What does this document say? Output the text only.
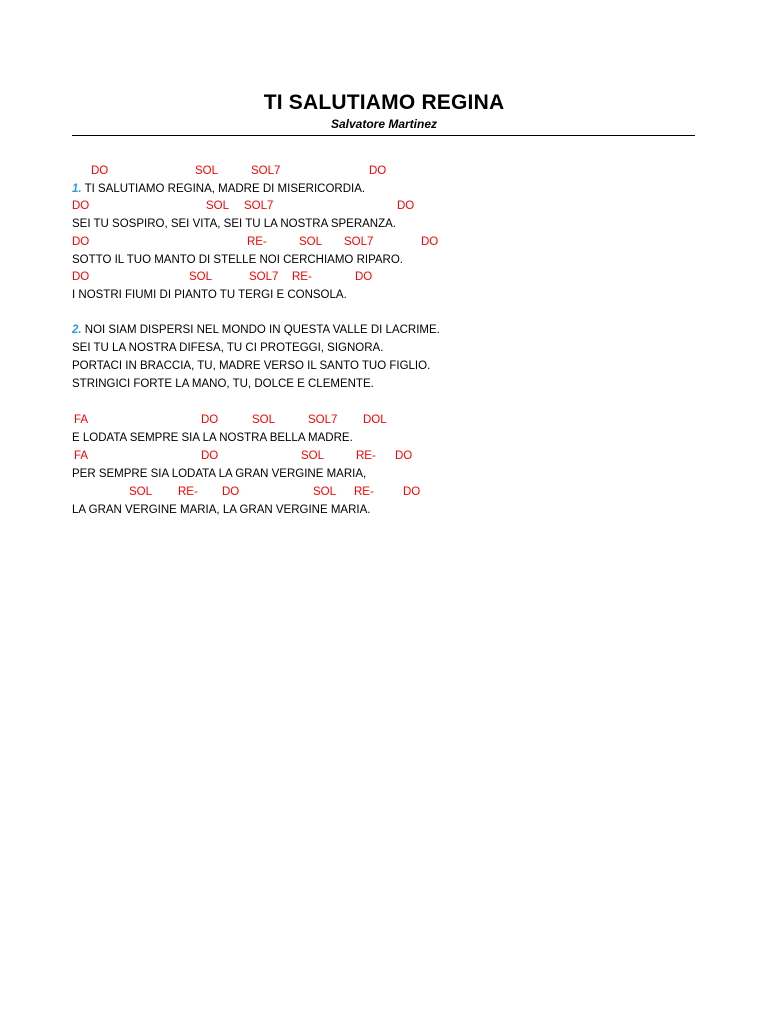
TI SALUTIAMO REGINA
Salvatore Martinez
DO	SOL	SOL7	DO
1. TI SALUTIAMO REGINA, MADRE DI MISERICORDIA.
DO	SOL SOL7	DO
SEI TU SOSPIRO, SEI VITA, SEI TU LA NOSTRA SPERANZA.
DO	RE-	SOL SOL7	DO
SOTTO IL TUO MANTO DI STELLE NOI CERCHIAMO RIPARO.
DO	SOL	SOL7 RE-	DO
I NOSTRI FIUMI DI PIANTO TU TERGI E CONSOLA.
2. NOI SIAM DISPERSI NEL MONDO IN QUESTA VALLE DI LACRIME.
SEI TU LA NOSTRA DIFESA, TU CI PROTEGGI, SIGNORA.
PORTACI IN BRACCIA, TU, MADRE VERSO IL SANTO TUO FIGLIO.
STRINGICI FORTE LA MANO, TU, DOLCE E CLEMENTE.
FA	DO	SOL	SOL7 DOL
E LODATA SEMPRE SIA LA NOSTRA BELLA MADRE.
FA	DO	SOL	RE- DO
PER SEMPRE SIA LODATA LA GRAN VERGINE MARIA,
SOL RE- DO	SOL RE-	DO
LA GRAN VERGINE MARIA, LA GRAN VERGINE MARIA.
